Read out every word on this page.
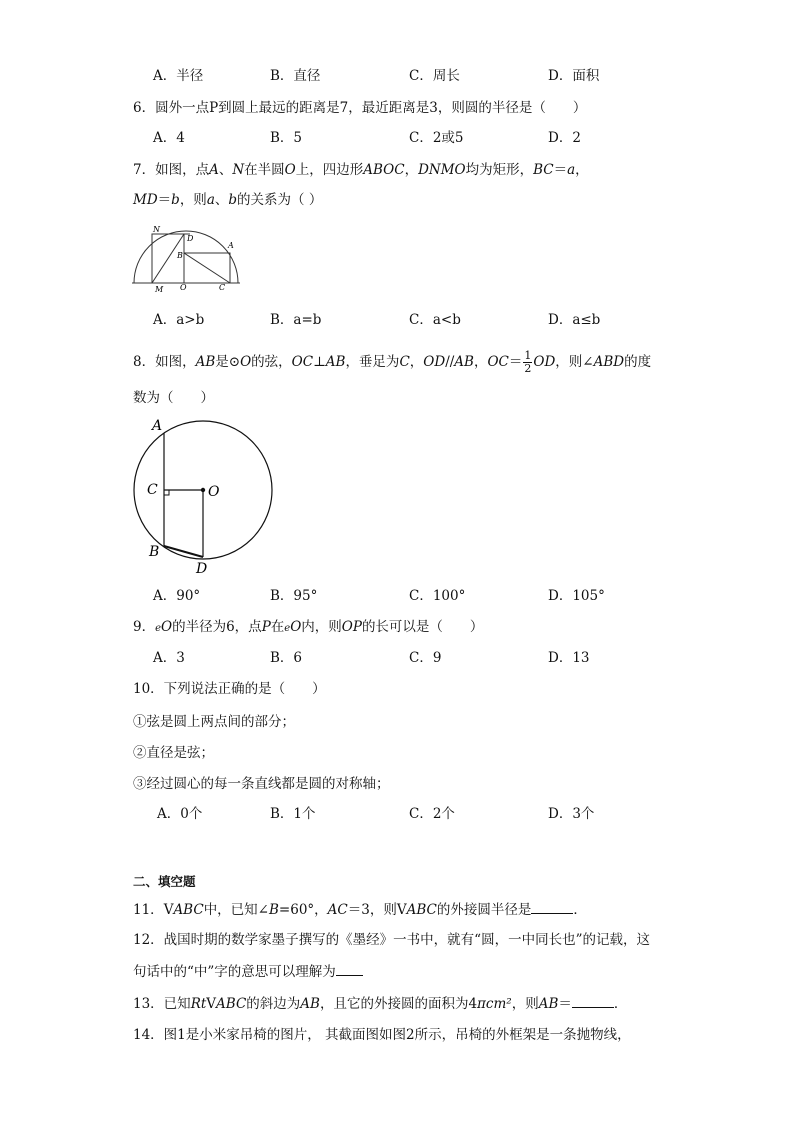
A．半径	B．直径	C．周长	D．面积
6．圆外一点P到圆上最远的距离是7，最近距离是3，则圆的半径是（　　）
A．4	B．5	C．2或5	D．2
7．如图，点A、N在半圆O上，四边形ABOC，DNMO均为矩形，BC＝a，
MD＝b，则a、b的关系为（ ）
N
D
B
A
M O	C
A．a>b	B．a=b	C．a<b	D．a≤b
8．如图，AB是⊙O的弦，OC⊥AB，垂足为C，OD//AB，$OC= \frac{1}{2}$ OD，则∠ABD的度
数为（　　）
A
C	O
B
D
A．90°	B．95°	C．100°	D．105°
9．eO的半径为6，点P在eO内，则OP的长可以是（　　）
A．3	B．6	C．9	D．13
10．下列说法正确的是（　　）
①弦是圆上两点间的部分；
②直径是弦；
③经过圆心的每一条直线都是圆的对称轴；
A．0个	B．1个	C．2个	D．3个
二、填空题
11．VABC中，已知∠B=60°，AC＝3，则VABC的外接圆半径是	．
12．战国时期的数学家墨子撰写的《墨经》一书中，就有“圆，一中同长也”的记载，这
句话中的“中”字的意思可以理解为
13．已知RtVABC的斜边为AB，且它的外接圆的面积为4πcm²，则AB＝	．
14．图1是小米家吊椅的图片， 其截面图如图2所示，吊椅的外框架是一条抛物线，
